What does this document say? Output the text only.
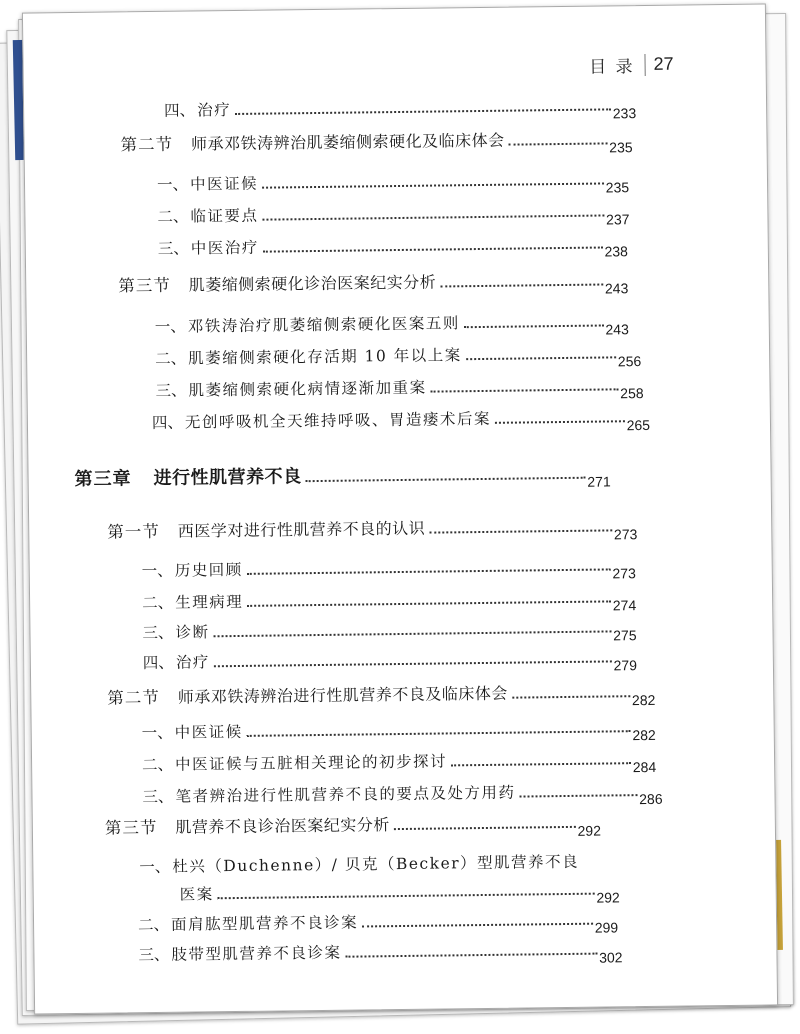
目 录 27
四、 治疗	233
第二节 师承邓铁涛辨治肌萎缩侧索硬化及临床体会	235
一、 中医证候	235
二、 临证要点	237
三、 中医治疗	238
第三节 肌萎缩侧索硬化诊治医案纪实分析	243
一、 邓铁涛治疗肌萎缩侧索硬化医案五则	243
二、 肌萎缩侧索硬化存活期 10 年以上案	256
三、 肌萎缩侧索硬化病情逐渐加重案	258
四、 无创呼吸机全天维持呼吸、胃造瘘术后案	265
第三章 进行性肌营养不良	271
第一节 西医学对进行性肌营养不良的认识	273
一、 历史回顾	273
二、 生理病理	274
三、 诊断	275
四、 治疗	279
第二节 师承邓铁涛辨治进行性肌营养不良及临床体会	282
一、 中医证候	282
二、 中医证候与五脏相关理论的初步探讨	284
三、 笔者辨治进行性肌营养不良的要点及处方用药	286
第三节 肌营养不良诊治医案纪实分析	292
一、 杜兴（Duchenne）/ 贝克（Becker）型肌营养不良
医案	292
二、 面肩肱型肌营养不良诊案	299
三、 肢带型肌营养不良诊案	302
